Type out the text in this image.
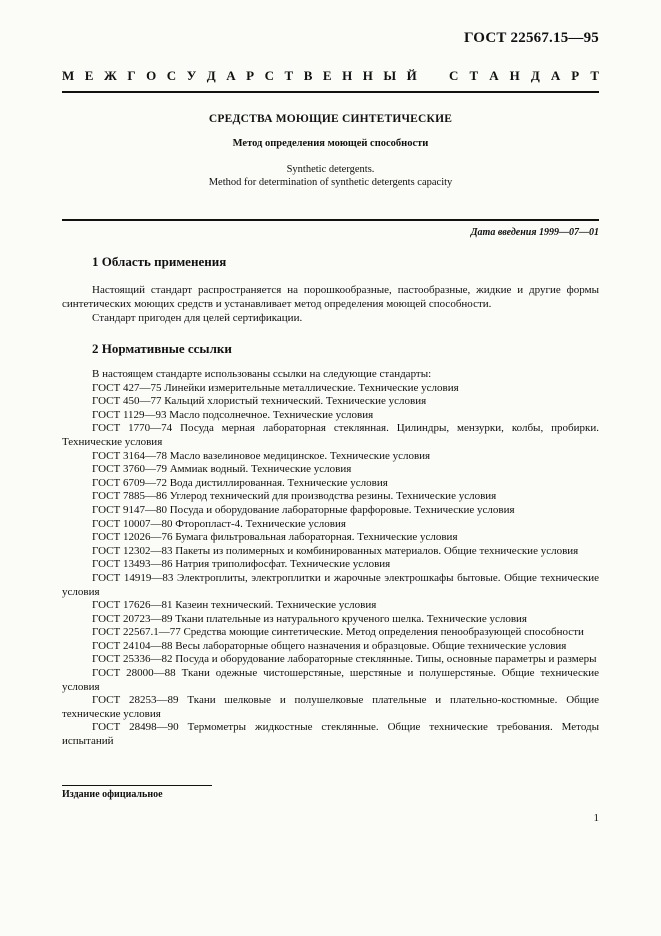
ГОСТ 22567.15—95
М Е Ж Г О С У Д А Р С Т В Е Н Н Ы Й С Т А Н Д А Р Т
СРЕДСТВА МОЮЩИЕ СИНТЕТИЧЕСКИЕ
Метод определения моющей способности
Synthetic detergents.
Method for determination of synthetic detergents capacity
Дата введения 1999—07—01
1 Область применения
Настоящий стандарт распространяется на порошкообразные, пастообразные, жидкие и другие формы синтетических моющих средств и устанавливает метод определения моющей способности.
Стандарт пригоден для целей сертификации.
2 Нормативные ссылки
В настоящем стандарте использованы ссылки на следующие стандарты:
ГОСТ 427—75 Линейки измерительные металлические. Технические условия
ГОСТ 450—77 Кальций хлористый технический. Технические условия
ГОСТ 1129—93 Масло подсолнечное. Технические условия
ГОСТ 1770—74 Посуда мерная лабораторная стеклянная. Цилиндры, мензурки, колбы, пробирки. Технические условия
ГОСТ 3164—78 Масло вазелиновое медицинское. Технические условия
ГОСТ 3760—79 Аммиак водный. Технические условия
ГОСТ 6709—72 Вода дистиллированная. Технические условия
ГОСТ 7885—86 Углерод технический для производства резины. Технические условия
ГОСТ 9147—80 Посуда и оборудование лабораторные фарфоровые. Технические условия
ГОСТ 10007—80 Фторопласт-4. Технические условия
ГОСТ 12026—76 Бумага фильтровальная лабораторная. Технические условия
ГОСТ 12302—83 Пакеты из полимерных и комбинированных материалов. Общие технические условия
ГОСТ 13493—86 Натрия триполифосфат. Технические условия
ГОСТ 14919—83 Электроплиты, электроплитки и жарочные электрошкафы бытовые. Общие технические условия
ГОСТ 17626—81 Казеин технический. Технические условия
ГОСТ 20723—89 Ткани плательные из натурального крученого шелка. Технические условия
ГОСТ 22567.1—77 Средства моющие синтетические. Метод определения пенообразующей способности
ГОСТ 24104—88 Весы лабораторные общего назначения и образцовые. Общие технические условия
ГОСТ 25336—82 Посуда и оборудование лабораторные стеклянные. Типы, основные параметры и размеры
ГОСТ 28000—88 Ткани одежные чистошерстяные, шерстяные и полушерстяные. Общие технические условия
ГОСТ 28253—89 Ткани шелковые и полушелковые плательные и плательно-костюмные. Общие технические условия
ГОСТ 28498—90 Термометры жидкостные стеклянные. Общие технические требования. Методы испытаний
Издание официальное
1
